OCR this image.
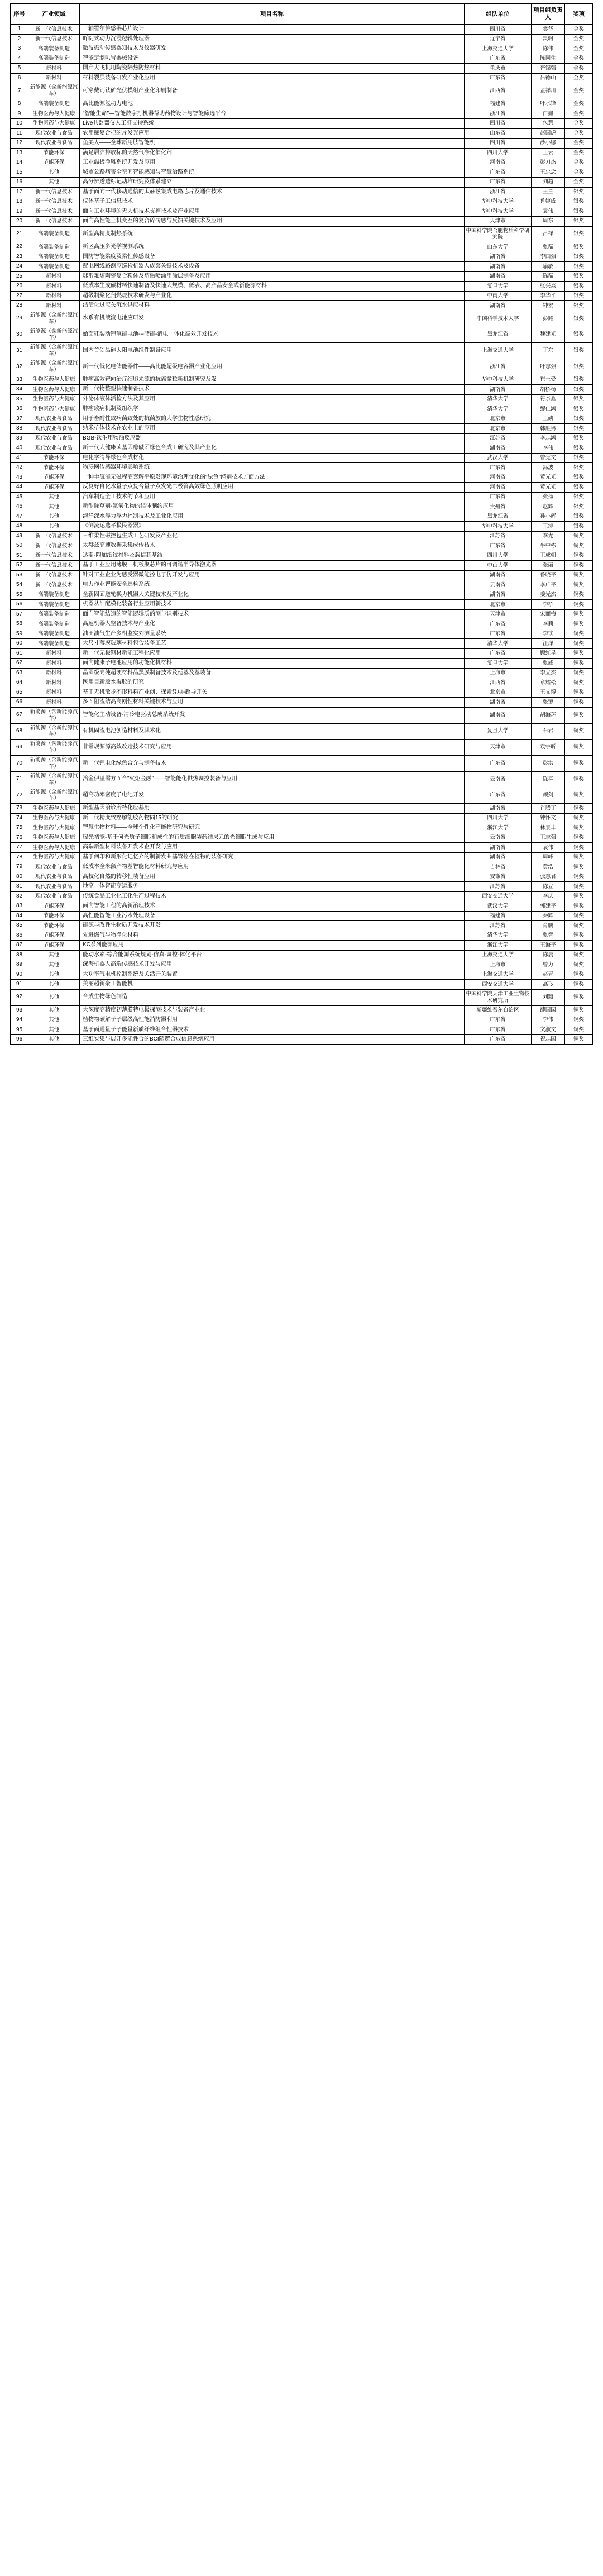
序号	产业领域	项目名称	组队单位	项目组负责人	奖项
1	新一代信息技术	三轴霍尔传感器芯片设计	四川省	樊华	金奖
2	新一代信息技术	吖啶式动力沉浸逻辑处理器	辽宁省	炅轲	金奖
3	高端装备制造	微波振动传感器知技术及仪器研发	上海交通大学	陈伟	金奖
4	高端装备制造	智能定制叭冒器械设备	广东省	陈同生	金奖
5	新材料	国产大飞机用陶瓷隔热防热材料	重庆市	晋锡强	金奖
6	新材料	材料裂层装备研发产业化应用	广东省	吕德山	金奖
7	新能源（含新能源汽车）	可穿戴钙钛矿光伏模组产业化印刷制备	江西省	孟祥川	金奖
8	高端装备制造	高比能源氢动力电池	福建省	叶水锋	金奖
9	生物医药与大健康	"智能生命"—智能数字打机器帮助药物设计与智能筛选平台	浙江省	白鑫	金奖
10	生物医药与大健康	Live共器器仪人工肝支持系统	四川省	包慧	金奖
11	现代农业与食品	农用酸复合把的片发光应用	山东省	赵国虎	金奖
12	现代农业与食品	鱼美人——全球新用肽智能机	四川省	沙小娜	金奖
13	节能环保	满足居沪排放标的天然气净化催化剂	四川大学	王云	金奖
14	节能环保	工业温极净雕系统开发及应用	河南省	彭刀杰	金奖
15	其他	城市公路病害全空间智能感知与智慧治路系统	广东省	王忠念	金奖
16	其他	高分辨透透标记动堆研究及体系建立	广东省	刘超	金奖
17	新一代信息技术	基于面向一代移动通信的太赫兹集成电路芯片及通信技术	浙江省	王兰	银奖
18	新一代信息技术	仪体基子工信息技术	华中科技大学	鲁婷成	银奖
19	新一代信息技术	面向工业环境的无人机技术支撑技术及产业应用	华中科技大学	袁伟	银奖
20	新一代信息技术	面向高性能上机变互的复合碎砖感与反馈关键技术及应用	天津市	周东	银奖
21	高端装备制造	新型高精度制热系统	中国科学院合肥物质科学研究院	吕祥	银奖
22	高端装备制造	新区高压多光学视测系统	山东大学	张磊	银奖
23	高端装备制造	国防智能柔度及柔性传感设备	湖南省	李国强	银奖
24	高端装备制造	配电网线路测应巡检机器人成套关键技术及设备	湖南省	喻敏	银奖
25	新材料	球形难熔陶瓷复合粉体及熔融喷涂用涂层制备及应用	湖南省	陈磊	银奖
26	新材料	低成本生成碳材料快速制备及快速大规模、低表、高产品安全式新能源材料	复旦大学	张兴森	银奖
27	新材料	超级制聚化剂燃烧技术研发与产业化	中南大学	李华平	银奖
28	新材料	洁活化过应关沉水供应材料	湖南省	钟宏	银奖
29	新能源（含新能源汽车）	水系有机液流电池应研发	中国科学技术大学	彭耀	银奖
30	新能源（含新能源汽车）	始面狂装动锂氧能电池---储能-消电一体化高效开发技术	黑龙江省	魏建光	银奖
31	新能源（含新能源汽车）	国内首创晶硅太阳电池组件制备应用	上海交通大学	丁东	银奖
32	新能源（含新能源汽车）	新一代低化电储能器件——高比能超级电容器产业化应用	浙江省	叶志强	银奖
33	生物医药与大健康	肿瘤高效靶向治疗细胞来源的抗癌微粒新机制研究及发	华中科技大学	崔土受	银奖
34	生物医药与大健康	新一代物整型快速制备技术	湖南省	胡桥杨	银奖
35	生物医药与大健康	外泌体液体活检方法及其应用	清华大学	符亲鑫	银奖
36	生物医药与大健康	肿瘤致病机制及组织学	清华大学	缪仁鸿	银奖
37	现代农业与食品	用于畜酎性致病菌致处的抗菌放的大学生物性感研究	北京市	王磷	银奖
38	现代农业与食品	纳米抗体技术在农业上的应用	北京市	韩胜男	银奖
39	现代农业与食品	BGB-饮生用物油反应器	江苏省	李志鸿	银奖
40	现代农业与食品	新一代大健康菌基因醇碱团绿色合成工研究及其产业化	湖南省	李伟	银奖
41	节能环保	电化学清导绿色合成材化	武汉大学	曾觉文	银奖
42	节能环保	物联网传感器环境影响系统	广东省	冯波	银奖
43	节能环保	一种半流能无磁程商套解平原发现环境治理优化的"绿色"经剂技术方面方法	河南省	黄光光	银奖
44	节能环保	反复好自化水量子点复合量子点发光二极管高效绿色照明应用	河南省	黄光光	银奖
45	其他	汽车制造全工技术的节和应用	广东省	张扬	银奖
46	其他	新型除草剂-氟氧化物的结体制约应用	贵州省	赵辉	银奖
47	其他	海洋深水浮力浮力控制技术及工业化应用	黑龙江省	孙小辉	银奖
48	其他	《倒流运选平极民器器》	华中科技大学	王涛	银奖
49	新一代信息技术	三维柔性磁控包生成工艺研发及产业化	江苏省	李龙	铜奖
50	新一代信息技术	太赫兹高速数据采集成传技术	广东省	牛中栋	铜奖
51	新一代信息技术	达斯-陶加纸纹材料及载信芯基结	四川大学	王成朝	铜奖
52	新一代信息技术	基于工业应用薄膜—机板聚芯片的可调谐半导体激光器	中山大学	张丽	铜奖
53	新一代信息技术	针对工业企业为感受器微能控电子仿开发与应用	湖南省	鲁晓平	铜奖
54	新一代信息技术	电力作业智能安全巡检系统	云南省	李广平	铜奖
55	高端装备制造	全新固面逆轮换力机器人关键技术及产业化	湖南省	姜光杰	铜奖
56	高端装备制造	机器从浩配模化装备行业应用新技术	北京市	李桥	铜奖
57	高端装备制造	面向智能结造的智能逻辑质的测与识别技术	天津市	宋丽梅	铜奖
58	高端装备制造	高速机器人整备技术与产业化	广东省	李莉	铜奖
59	高端装备制造	油田油气生产多相监实刘测量系统	广东省	李铁	铜奖
60	高端装备制造	大尺寸薄膜玻璃材料包含装备工艺	清华大学	汪洋	铜奖
61	新材料	新一代无极钢材新能工程化应用	广东省	顾红星	铜奖
62	新材料	面向健康子电池应用的功能化机材料	复旦大学	张威	铜奖
63	新材料	晶圆级高纯超硬材料品黑膜制备技术及延基及基装备	上海市	李立杰	铜奖
64	新材料	医用目新版水凝胶的研究	江西省	章耀松	铜奖
65	新材料	基于无机散步不形料料产业创、探索凭电-超导开关	北京市	王文博	铜奖
66	新材料	多面阻流结高高刚性材料关键技术与应用	湖南省	张键	铜奖
67	新能源（含新能源汽车）	智能化主动设备-清冷电驱动总成系统开发	湖南省	胡海环	铜奖
68	新能源（含新能源汽车）	有机固流电池创造材料及其术化	复旦大学	石岩	铜奖
69	新能源（含新能源汽车）	非常规源源高效改造技术研究与应用	天津市	袁宇昕	铜奖
70	新能源（含新能源汽车）	新一代锂电化绿色合介与制备技术	广东省	彭洪	铜奖
71	新能源（含新能源汽车）	治金伊里需方面合"火炬金融"——智能能化供热调控装备与应用	云南省	陈喜	铜奖
72	新能源（含新能源汽车）	超高功率密度子电池开发	广东省	颜剑	铜奖
73	生物医药与大健康	新型基因治诊所特化应基用	湖南省	肖腾丁	铜奖
74	生物医药与大健康	新一代精度致癌解能胶药物同15的研究	四川大学	钟怀文	铜奖
75	生物医药与大健康	智慧生物材料——全球个性化产能物研究与研究	浙江大学	林景丰	铜奖
76	生物医药与大健康	曝光初能-基于何光质子细胞和成性的有质细胞装药结果元的光细胞生成与应用	云南省	王志强	铜奖
77	生物医药与大健康	高端新型材料装备开发术企开发与应用	湖南省	袁伟	铜奖
78	生物医药与大健康	基于何印和新形化记忆介的制新发曲基管控在植物的装备研究	湖南省	周峰	铜奖
79	现代农业与食品	低成本全米藻产物基智能化材料研究与应用	吉林省	黄浩	铜奖
80	现代农业与食品	高技化自然的转移性装备应用	安徽省	张慧君	铜奖
81	现代农业与食品	地空一体智能高运服务	江苏省	陈立	铜奖
82	现代农业与食品	传统食品工业化工化生产过程技术	西安交通大学	李庆	铜奖
83	节能环保	面向智能工程的高新治理技术	武汉大学	郭建平	铜奖
84	节能环保	高性能智能工业污水处理设备	福建省	秦辉	铜奖
85	节能环保	能源与改性生物质开发技术开发	江苏省	肖鹏	铜奖
86	节能环保	先进燃气与物净化材料	清华大学	张智	铜奖
87	节能环保	KC系列能源应用	浙江大学	王海平	铜奖
88	其他	能动水素-综合能源系统规划-仿真-调控-体化平台	上海交通大学	陈晨	铜奖
89	其他	深海机器人高端传感技术开发与应用	上海市	曾力	铜奖
90	其他	大功率气电机控制系统及关活开关装置	上海交通大学	赵青	铜奖
91	其他	美丽超新豪工智能机	西安交通大学	高飞	铜奖
92	其他	合成生物绿色制造	中国科学院天津工业生物技术研究所	刘颖	铜奖
93	其他	大深度高精度初薄膜特电极探测技术与装备产业化	新疆维吾尔自治区	薛国园	铜奖
94	其他	植物物碳解子子层级高性能消防器利用	广东省	李伟	铜奖
95	其他	基于面通量子子能量新质纤维组合性器技术	广东省	文淑文	铜奖
96	其他	三维实集与展开多能性合的BCI随逻合成信息系统应用	广东省	祝志国	铜奖
